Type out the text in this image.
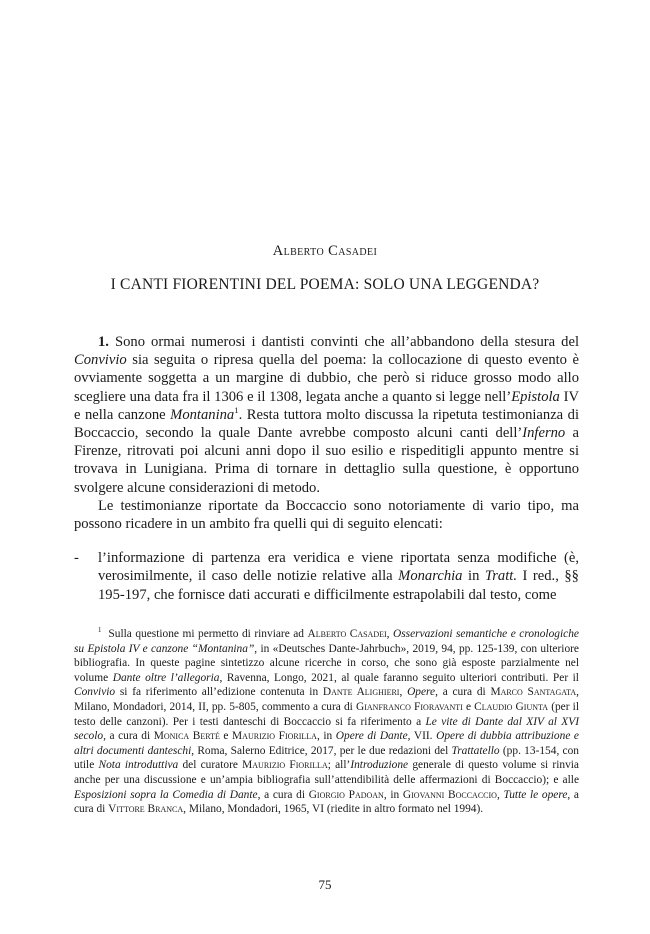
Alberto Casadei
I CANTI FIORENTINI DEL POEMA: SOLO UNA LEGGENDA?

1. Sono ormai numerosi i dantisti convinti che all’abbandono della stesura del Convivio sia seguita o ripresa quella del poema: la collocazione di questo evento è ovviamente soggetta a un margine di dubbio, che però si riduce grosso modo allo scegliere una data fra il 1306 e il 1308, legata anche a quanto si legge nell’Epistola IV e nella canzone Montanina$^1$. Resta tuttora molto discussa la ripetuta testimonianza di Boccaccio, secondo la quale Dante avrebbe composto alcuni canti dell’Inferno a Firenze, ritrovati poi alcuni anni dopo il suo esilio e rispeditigli appunto mentre si trovava in Lunigiana. Prima di tornare in dettaglio sulla questione, è opportuno svolgere alcune considerazioni di metodo.

Le testimonianze riportate da Boccaccio sono notoriamente di vario tipo, ma possono ricadere in un ambito fra quelli qui di seguito elencati:

- l’informazione di partenza era veridica e viene riportata senza modifiche (è, verosimilmente, il caso delle notizie relative alla Monarchia in Tratt. I red., §§ 195-197, che fornisce dati accurati e difficilmente estrapolabili dal testo, come

$^1$ Sulla questione mi permetto di rinviare ad Alberto Casadei, Osservazioni semantiche e cronologiche su Epistola IV e canzone “Montanina”, in «Deutsches Dante-Jahrbuch», 2019, 94, pp. 125-139, con ulteriore bibliografia. In queste pagine sintetizzo alcune ricerche in corso, che sono già esposte parzialmente nel volume Dante oltre l’allegoria, Ravenna, Longo, 2021, al quale faranno seguito ulteriori contributi. Per il Convivio si fa riferimento all’edizione contenuta in Dante Alighieri, Opere, a cura di Marco Santagata, Milano, Mondadori, 2014, II, pp. 5-805, commento a cura di Gianfranco Fioravanti e Claudio Giunta (per il testo delle canzoni). Per i testi danteschi di Boccaccio si fa riferimento a Le vite di Dante dal XIV al XVI secolo, a cura di Monica Berté e Maurizio Fiorilla, in Opere di Dante, VII. Opere di dubbia attribuzione e altri documenti danteschi, Roma, Salerno Editrice, 2017, per le due redazioni del Trattatello (pp. 13-154, con utile Nota introduttiva del curatore Maurizio Fiorilla; all’Introduzione generale di questo volume si rinvia anche per una discussione e un’ampia bibliografia sull’attendibilità delle affermazioni di Boccaccio); e alle Esposizioni sopra la Comedia di Dante, a cura di Giorgio Padoan, in Giovanni Boccaccio, Tutte le opere, a cura di Vittore Branca, Milano, Mondadori, 1965, VI (riedite in altro formato nel 1994).

75
